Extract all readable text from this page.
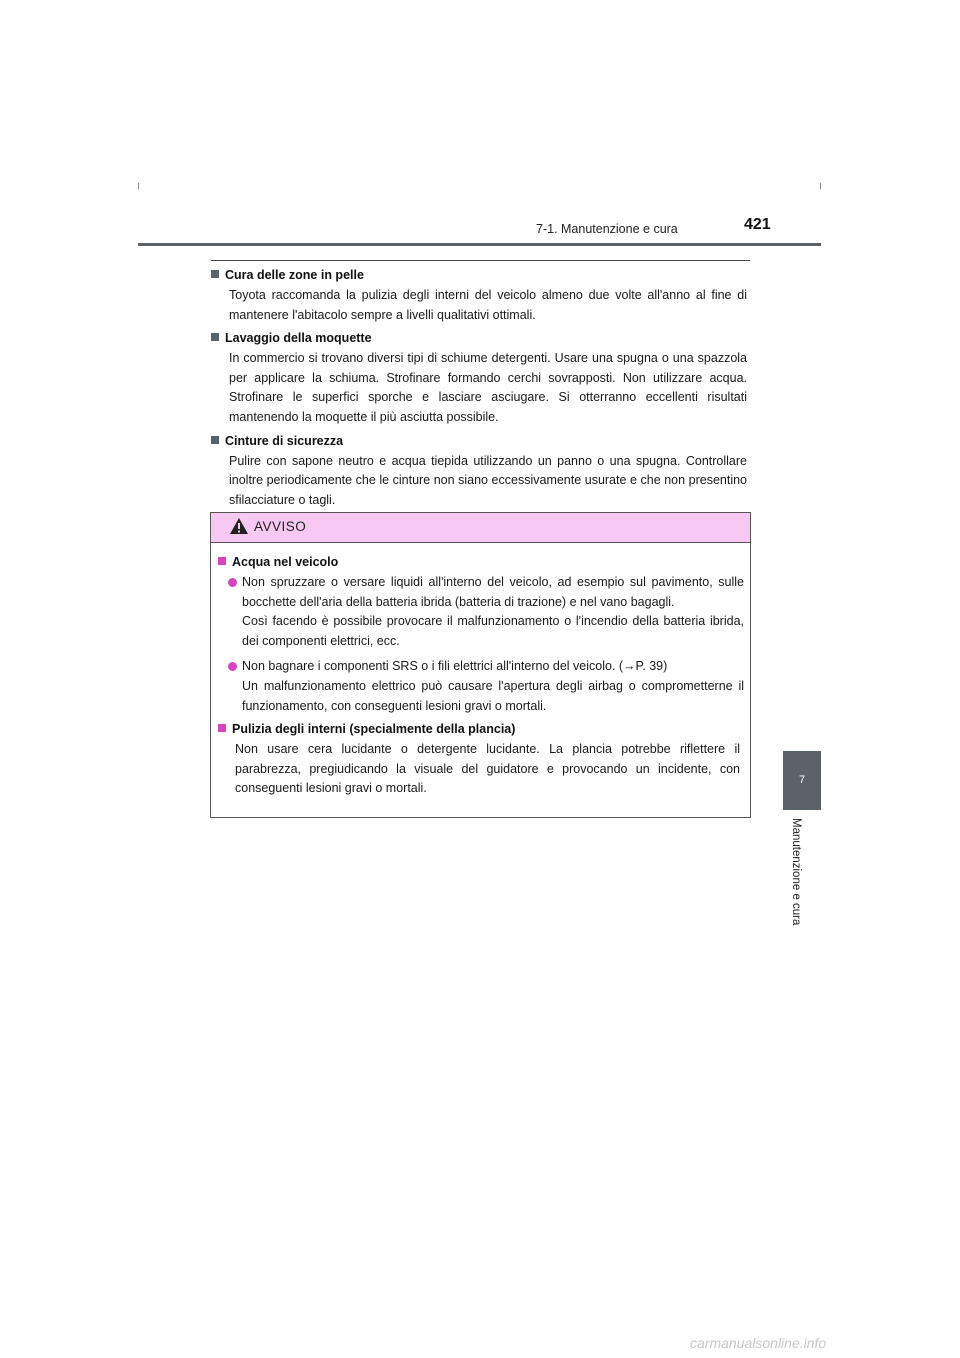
7-1. Manutenzione e cura	421
7
Manutenzione e cura

Cura delle zone in pelle

Toyota raccomanda la pulizia degli interni del veicolo almeno due volte all'anno al fine di mantenere l'abitacolo sempre a livelli qualitativi ottimali.

Lavaggio della moquette

In commercio si trovano diversi tipi di schiume detergenti. Usare una spugna o una spazzola per applicare la schiuma. Strofinare formando cerchi sovrapposti. Non utilizzare acqua. Strofinare le superfici sporche e lasciare asciugare. Si otterranno eccellenti risultati mantenendo la moquette il più asciutta possibile.

Cinture di sicurezza

Pulire con sapone neutro e acqua tiepida utilizzando un panno o una spugna. Controllare inoltre periodicamente che le cinture non siano eccessivamente usurate e che non presentino sfilacciature o tagli.

AVVISO

Acqua nel veicolo

Non spruzzare o versare liquidi all'interno del veicolo, ad esempio sul pavimento, sulle bocchette dell'aria della batteria ibrida (batteria di trazione) e nel vano bagagli.
Così facendo è possibile provocare il malfunzionamento o l'incendio della batteria ibrida, dei componenti elettrici, ecc.
Non bagnare i componenti SRS o i fili elettrici all'interno del veicolo. (→P. 39)
Un malfunzionamento elettrico può causare l'apertura degli airbag o comprometterne il funzionamento, con conseguenti lesioni gravi o mortali.

Pulizia degli interni (specialmente della plancia)

Non usare cera lucidante o detergente lucidante. La plancia potrebbe riflettere il parabrezza, pregiudicando la visuale del guidatore e provocando un incidente, con conseguenti lesioni gravi o mortali.

carmanualsonline.info
